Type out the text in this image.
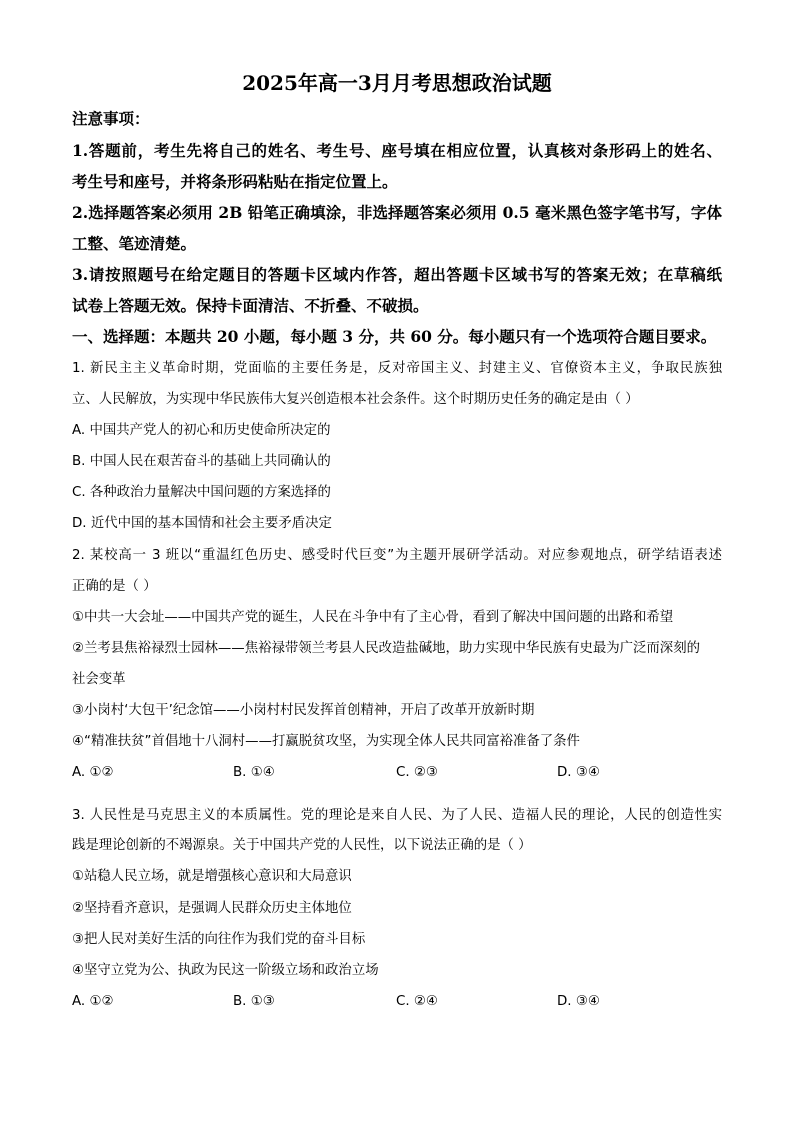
2025年高一3月月考思想政治试题
注意事项：
1.答题前，考生先将自己的姓名、考生号、座号填在相应位置，认真核对条形码上的姓名、
考生号和座号，并将条形码粘贴在指定位置上。
2.选择题答案必须用 2B 铅笔正确填涂，非选择题答案必须用 0.5 毫米黑色签字笔书写，字体
工整、笔迹清楚。
3.请按照题号在给定题目的答题卡区域内作答，超出答题卡区域书写的答案无效；在草稿纸
试卷上答题无效。保持卡面清洁、不折叠、不破损。
一、选择题：本题共 20 小题，每小题 3 分，共 60 分。每小题只有一个选项符合题目要求。
1. 新民主主义革命时期，党面临的主要任务是，反对帝国主义、封建主义、官僚资本主义，争取民族独
立、人民解放，为实现中华民族伟大复兴创造根本社会条件。这个时期历史任务的确定是由（ ）
A. 中国共产党人的初心和历史使命所决定的
B. 中国人民在艰苦奋斗的基础上共同确认的
C. 各种政治力量解决中国问题的方案选择的
D. 近代中国的基本国情和社会主要矛盾决定
2. 某校高一 3 班以“重温红色历史、感受时代巨变”为主题开展研学活动。对应参观地点，研学结语表述
正确的是（ ）
①中共一大会址——中国共产党的诞生，人民在斗争中有了主心骨，看到了解决中国问题的出路和希望
②兰考县焦裕禄烈士园林——焦裕禄带领兰考县人民改造盐碱地，助力实现中华民族有史最为广泛而深刻的
社会变革
③小岗村‘大包干’纪念馆——小岗村村民发挥首创精神，开启了改革开放新时期
④“精准扶贫”首倡地十八洞村——打赢脱贫攻坚，为实现全体人民共同富裕准备了条件
A. ①②	B. ①④	C. ②③	D. ③④
3. 人民性是马克思主义的本质属性。党的理论是来自人民、为了人民、造福人民的理论，人民的创造性实
践是理论创新的不竭源泉。关于中国共产党的人民性，以下说法正确的是（ ）
①站稳人民立场，就是增强核心意识和大局意识
②坚持看齐意识，是强调人民群众历史主体地位
③把人民对美好生活的向往作为我们党的奋斗目标
④坚守立党为公、执政为民这一阶级立场和政治立场
A. ①②	B. ①③	C. ②④	D. ③④
